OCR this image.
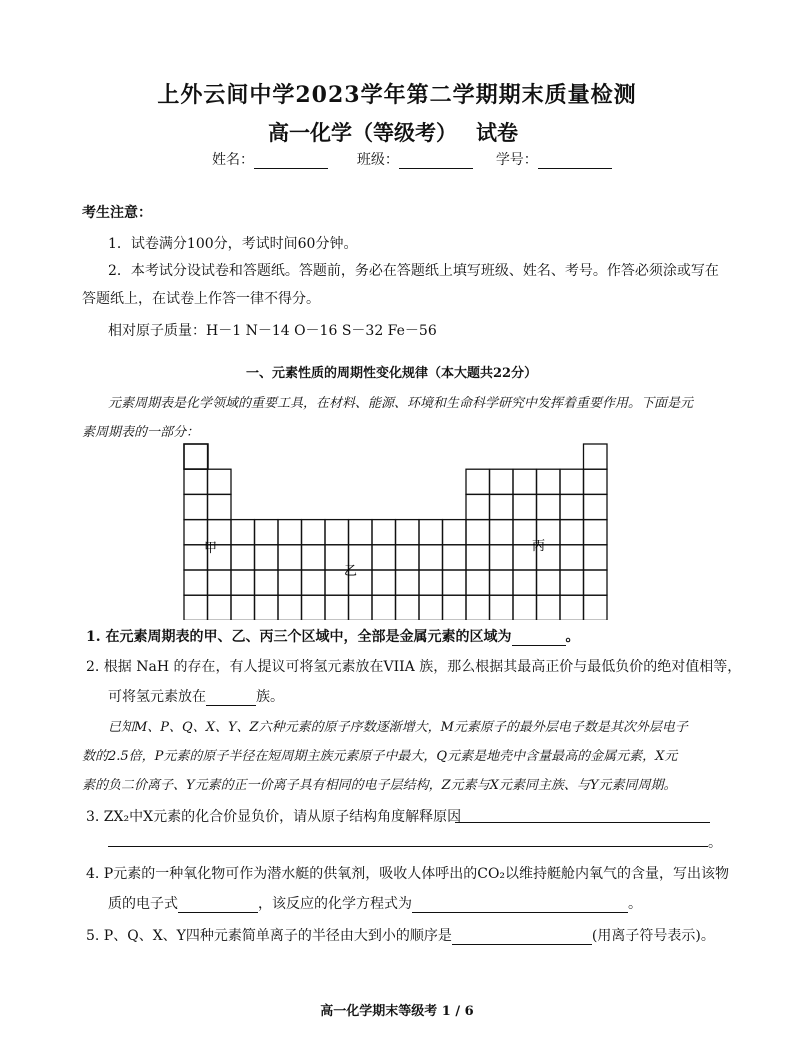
上外云间中学2023学年第二学期期末质量检测
高一化学（等级考） 试卷
姓名：	班级：	学号：
考生注意：
1．试卷满分100分，考试时间60分钟。
2．本考试分设试卷和答题纸。答题前，务必在答题纸上填写班级、姓名、考号。作答必须涂或写在
答题纸上，在试卷上作答一律不得分。
相对原子质量：H－1 N－14 O－16 S－32 Fe－56
一、元素性质的周期性变化规律（本大题共22分）
元素周期表是化学领域的重要工具，在材料、能源、环境和生命科学研究中发挥着重要作用。下面是元
素周期表的一部分：
甲
乙
丙
1. 在元素周期表的甲、乙、丙三个区域中，全部是金属元素的区域为	。
2. 根据 NaH 的存在，有人提议可将氢元素放在VIIA 族，那么根据其最高正价与最低负价的绝对值相等，
可将氢元素放在	族。
已知M、P、Q、X、Y、Z六种元素的原子序数逐渐增大，M元素原子的最外层电子数是其次外层电子
数的2.5倍，P元素的原子半径在短周期主族元素原子中最大，Q元素是地壳中含量最高的金属元素，X元
素的负二价离子、Y元素的正一价离子具有相同的电子层结构，Z元素与X元素同主族、与Y元素同周期。
3. ZX₂中X元素的化合价显负价，请从原子结构角度解释原因
。
4. P元素的一种氧化物可作为潜水艇的供氧剂，吸收人体呼出的CO₂以维持艇舱内氧气的含量，写出该物
质的电子式	，该反应的化学方程式为	。
5. P、Q、X、Y四种元素简单离子的半径由大到小的顺序是	(用离子符号表示)。
高一化学期末等级考 1 / 6
